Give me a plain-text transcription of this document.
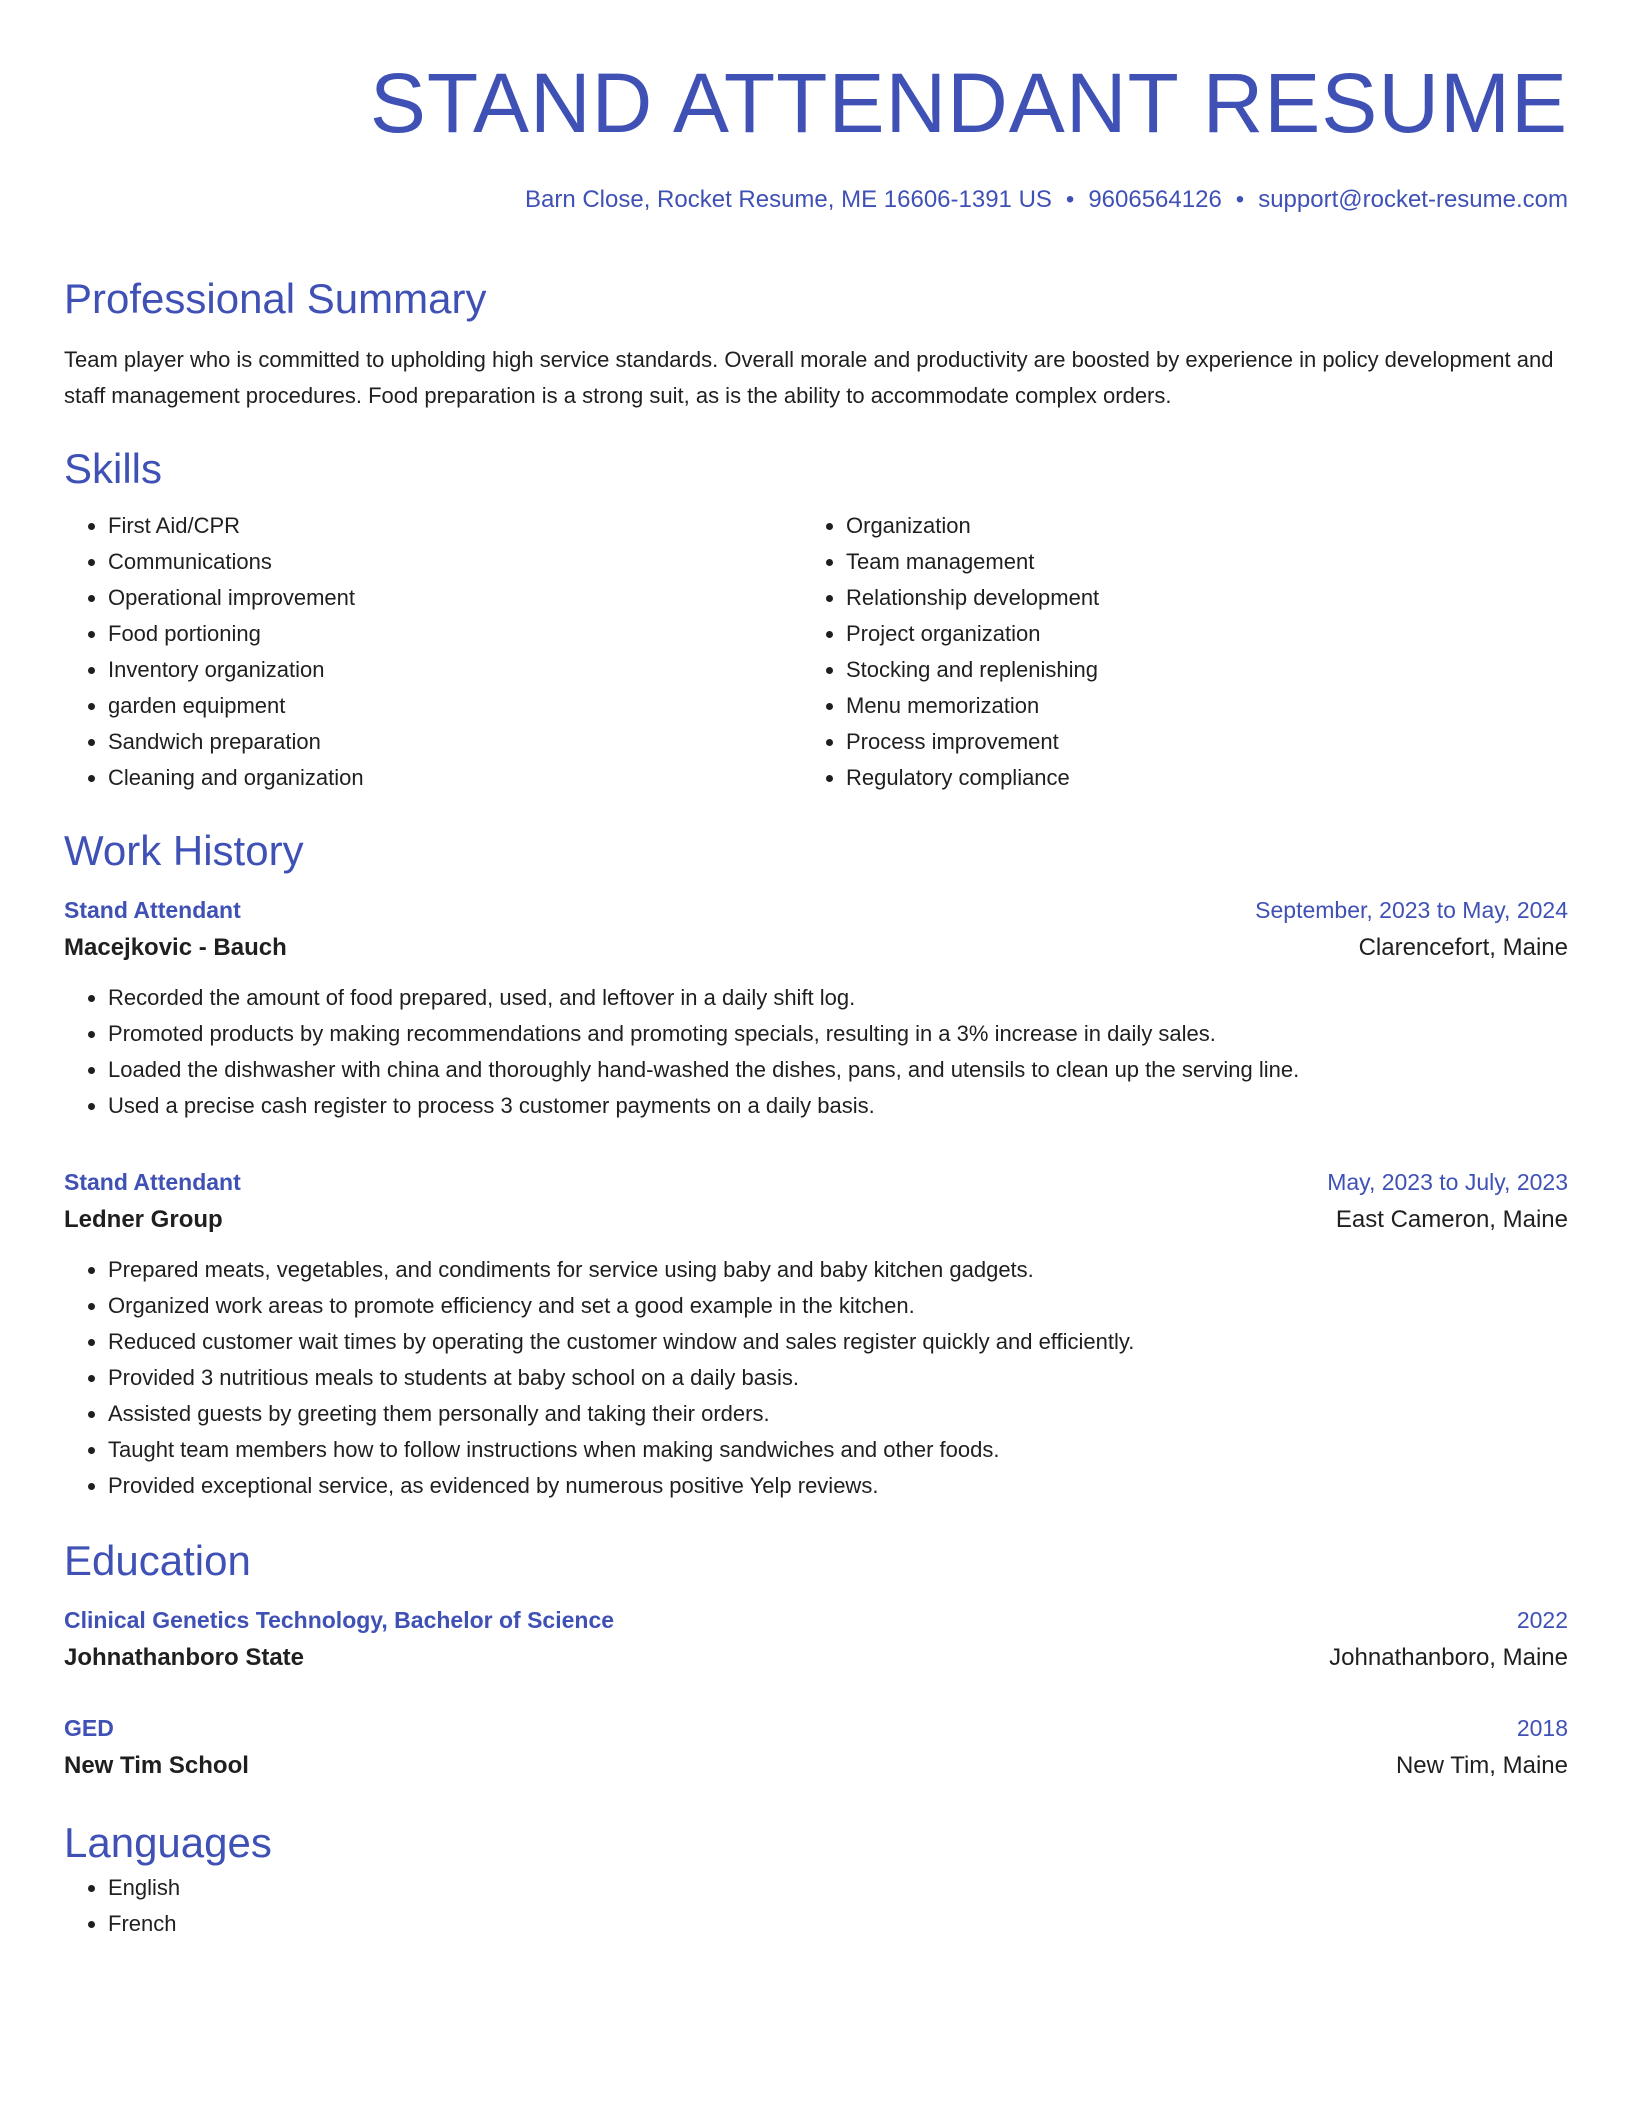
STAND ATTENDANT RESUME
Barn Close, Rocket Resume, ME 16606-1391 US • 9606564126 • support@rocket-resume.com
Professional Summary

Team player who is committed to upholding high service standards. Overall morale and productivity are boosted by experience in policy development and staff management procedures. Food preparation is a strong suit, as is the ability to accommodate complex orders.

Skills
• First Aid/CPR
• Communications
• Operational improvement
• Food portioning
• Inventory organization
• garden equipment
• Sandwich preparation
• Cleaning and organization
• Organization
• Team management
• Relationship development
• Project organization
• Stocking and replenishing
• Menu memorization
• Process improvement
• Regulatory compliance
Work History
Stand Attendant	September, 2023 to May, 2024
Macejkovic - Bauch	Clarencefort, Maine
• Recorded the amount of food prepared, used, and leftover in a daily shift log.
• Promoted products by making recommendations and promoting specials, resulting in a 3% increase in daily sales.
• Loaded the dishwasher with china and thoroughly hand-washed the dishes, pans, and utensils to clean up the serving line.
• Used a precise cash register to process 3 customer payments on a daily basis.
Stand Attendant	May, 2023 to July, 2023
Ledner Group	East Cameron, Maine
• Prepared meats, vegetables, and condiments for service using baby and baby kitchen gadgets.
• Organized work areas to promote efficiency and set a good example in the kitchen.
• Reduced customer wait times by operating the customer window and sales register quickly and efficiently.
• Provided 3 nutritious meals to students at baby school on a daily basis.
• Assisted guests by greeting them personally and taking their orders.
• Taught team members how to follow instructions when making sandwiches and other foods.
• Provided exceptional service, as evidenced by numerous positive Yelp reviews.
Education
Clinical Genetics Technology, Bachelor of Science	2022
Johnathanboro State	Johnathanboro, Maine
GED	2018
New Tim School	New Tim, Maine
Languages
• English
• French
